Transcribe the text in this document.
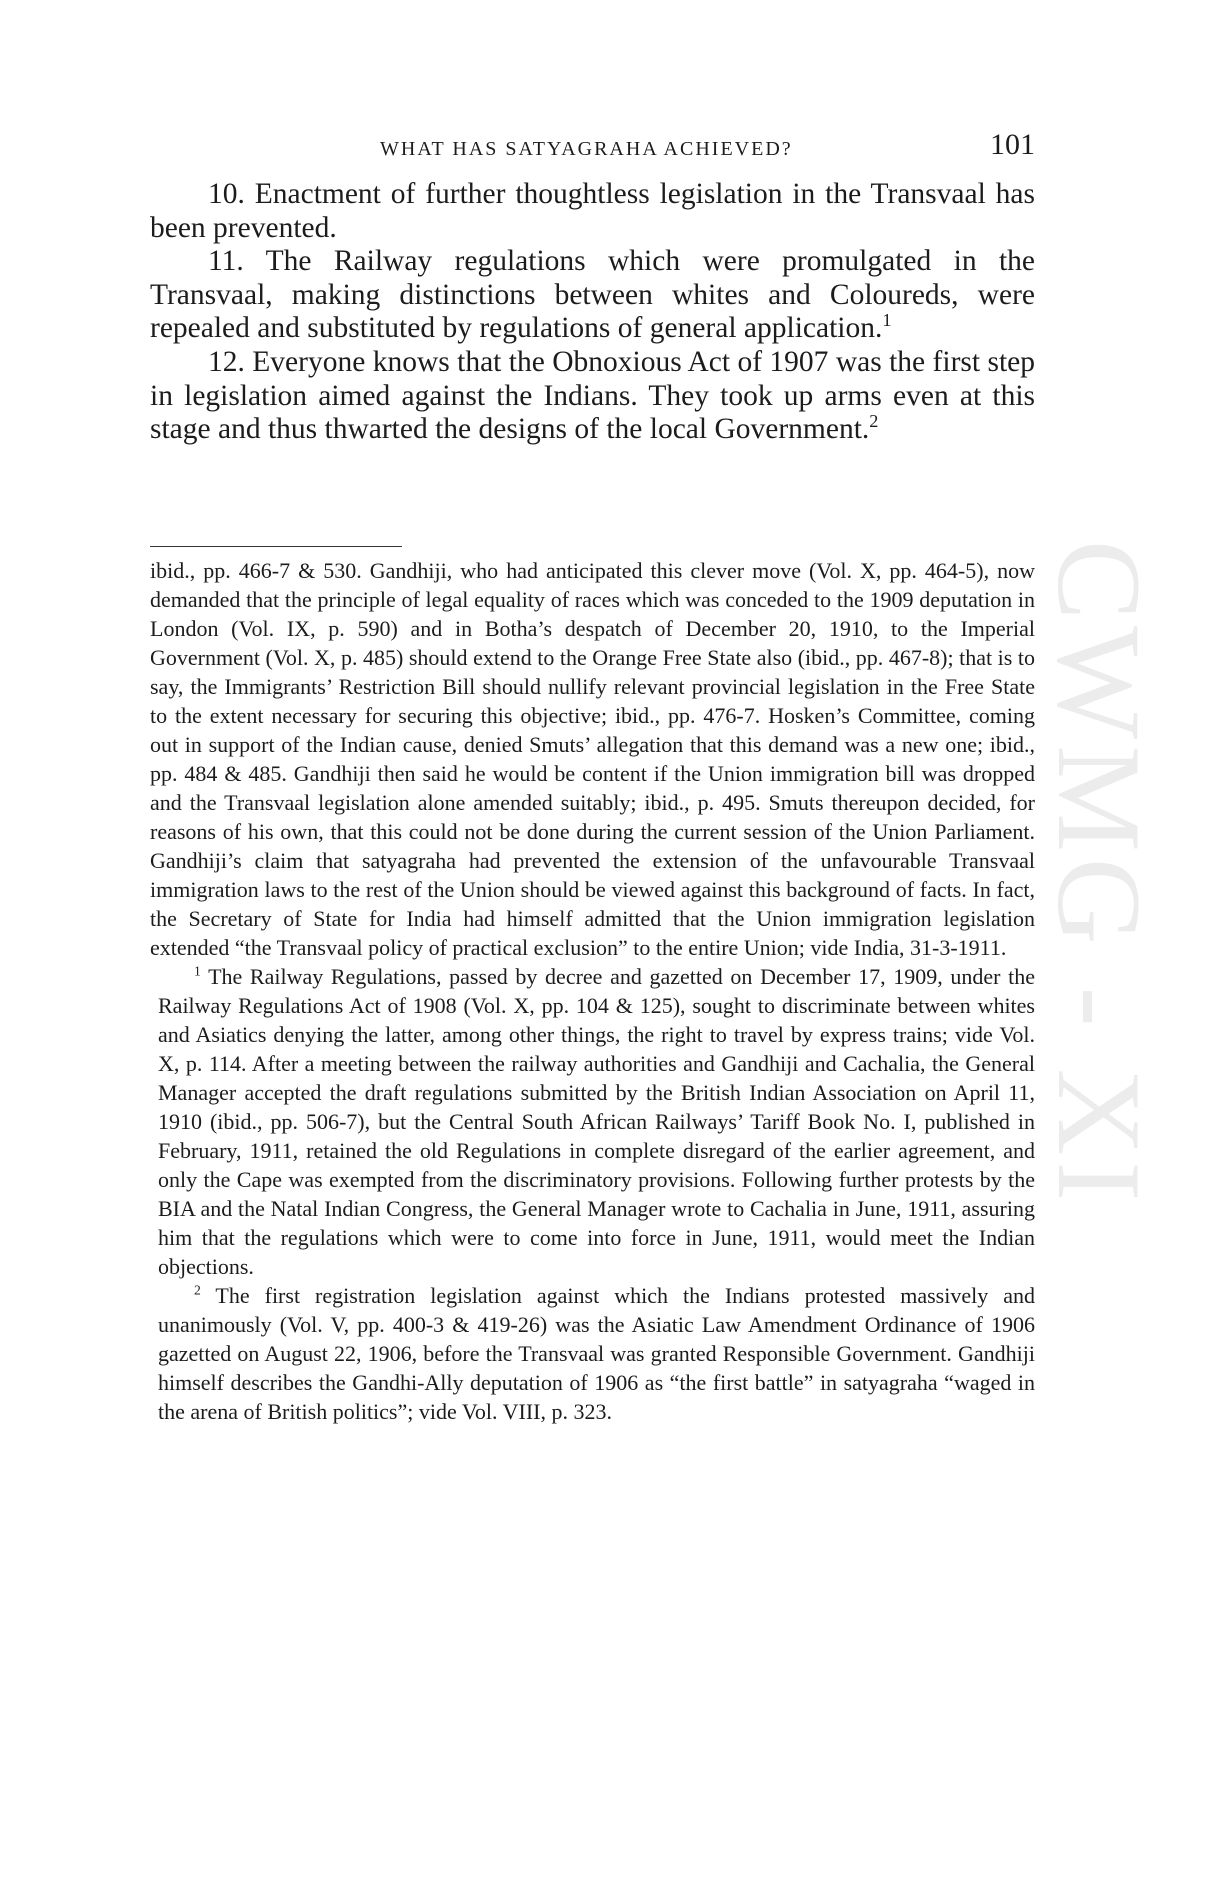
CWMG - XI
WHAT HAS SATYAGRAHA ACHIEVED?	101

10. Enactment of further thoughtless legislation in the Transvaal has been prevented.

11. The Railway regulations which were promulgated in the Transvaal, making distinctions between whites and Coloureds, were repealed and substituted by regulations of general application.$^1$

12. Everyone knows that the Obnoxious Act of 1907 was the first step in legislation aimed against the Indians. They took up arms even at this stage and thus thwarted the designs of the local Government.$^2$

ibid., pp. 466-7 & 530. Gandhiji, who had anticipated this clever move (Vol. X, pp. 464-5), now demanded that the principle of legal equality of races which was conceded to the 1909 deputation in London (Vol. IX, p. 590) and in Botha’s despatch of December 20, 1910, to the Imperial Government (Vol. X, p. 485) should extend to the Orange Free State also (ibid., pp. 467-8); that is to say, the Immigrants’ Restriction Bill should nullify relevant provincial legislation in the Free State to the extent necessary for securing this objective; ibid., pp. 476-7. Hosken’s Committee, coming out in support of the Indian cause, denied Smuts’ allegation that this demand was a new one; ibid., pp. 484 & 485. Gandhiji then said he would be content if the Union immigration bill was dropped and the Transvaal legislation alone amended suitably; ibid., p. 495. Smuts thereupon decided, for reasons of his own, that this could not be done during the current session of the Union Parliament. Gandhiji’s claim that satyagraha had prevented the extension of the unfavourable Transvaal immigration laws to the rest of the Union should be viewed against this background of facts. In fact, the Secretary of State for India had himself admitted that the Union immigration legislation extended “the Transvaal policy of practical exclusion” to the entire Union; vide India, 31-3-1911.

$^1$ The Railway Regulations, passed by decree and gazetted on December 17, 1909, under the Railway Regulations Act of 1908 (Vol. X, pp. 104 & 125), sought to discriminate between whites and Asiatics denying the latter, among other things, the right to travel by express trains; vide Vol. X, p. 114. After a meeting between the railway authorities and Gandhiji and Cachalia, the General Manager accepted the draft regulations submitted by the British Indian Association on April 11, 1910 (ibid., pp. 506-7), but the Central South African Railways’ Tariff Book No. I, published in February, 1911, retained the old Regulations in complete disregard of the earlier agreement, and only the Cape was exempted from the discriminatory provisions. Following further protests by the BIA and the Natal Indian Congress, the General Manager wrote to Cachalia in June, 1911, assuring him that the regulations which were to come into force in June, 1911, would meet the Indian objections.

$^2$ The first registration legislation against which the Indians protested massively and unanimously (Vol. V, pp. 400-3 & 419-26) was the Asiatic Law Amendment Ordinance of 1906 gazetted on August 22, 1906, before the Transvaal was granted Responsible Government. Gandhiji himself describes the Gandhi-Ally deputation of 1906 as “the first battle” in satyagraha “waged in the arena of British politics”; vide Vol. VIII, p. 323.
